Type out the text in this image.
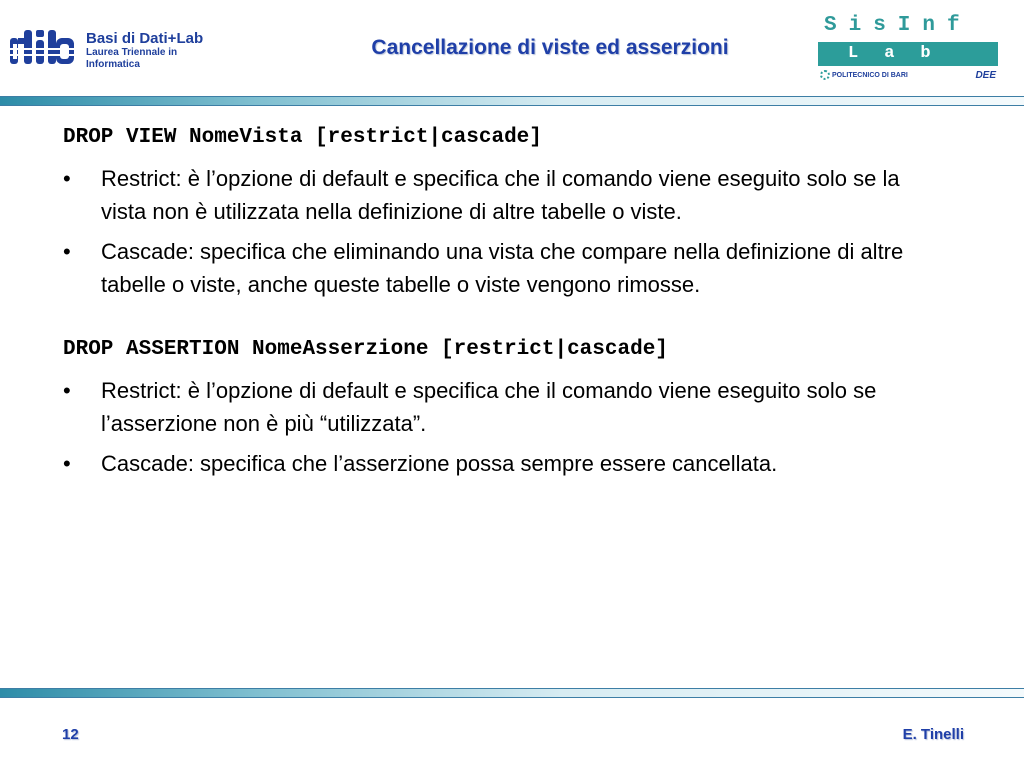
Basi di Dati+Lab
Laurea Triennale in
Informatica
Cancellazione di viste ed asserzioni
SisInf
Lab
POLITECNICO DI BARI	DEE

DROP VIEW NomeVista [restrict|cascade]

• Restrict: è l’opzione di default e specifica che il comando viene eseguito solo se la vista non è utilizzata nella definizione di altre tabelle o viste.
• Cascade: specifica che eliminando una vista che compare nella definizione di altre tabelle o viste, anche queste tabelle o viste vengono rimosse.

DROP ASSERTION NomeAsserzione [restrict|cascade]

• Restrict: è l’opzione di default e specifica che il comando viene eseguito solo se l’asserzione non è più “utilizzata”.
• Cascade: specifica che l’asserzione possa sempre essere cancellata.
12	E. Tinelli
